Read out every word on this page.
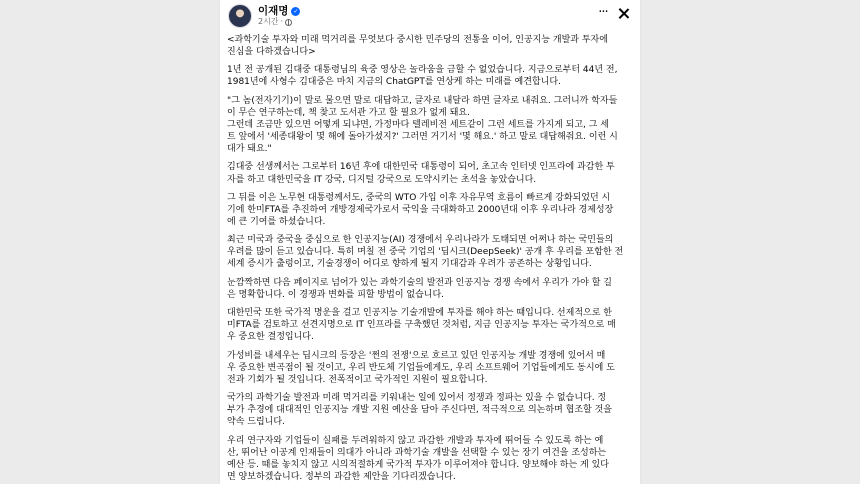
이재명 ✓
2시간 ·
···

<과학기술 투자와 미래 먹거리를 무엇보다 중시한 민주당의 전통을 이어, 인공지능 개발과 투자에
진심을 다하겠습니다>

1년 전 공개된 김대중 대통령님의 육중 영상은 놀라움을 금할 수 없었습니다. 지금으로부터 44년 전,
1981년에 사형수 김대중은 마치 지금의 ChatGPT를 연상케 하는 미래를 예견합니다.

"그 놈(전자기기)이 말로 물으면 말로 대답하고, 글자로 내달라 하면 글자로 내줘요. 그러니까 학자들
이 무슨 연구하는데, 책 찾고 도서관 가고 할 필요가 없게 돼요.
그런데 조금만 있으면 어떻게 되냐면, 가정마다 텔레비전 세트같이 그런 세트를 가지게 되고, 그 세
트 앞에서 '세종대왕이 몇 해에 돌아가셨지?' 그러면 거기서 '몇 해요.' 하고 말로 대답해줘요. 이런 시
대가 돼요."

김대중 선생께서는 그로부터 16년 후에 대한민국 대통령이 되어, 초고속 인터넷 인프라에 과감한 투
자를 하고 대한민국을 IT 강국, 디지털 강국으로 도약시키는 초석을 놓았습니다.

그 뒤를 이은 노무현 대통령께서도, 중국의 WTO 가입 이후 자유무역 흐름이 빠르게 강화되었던 시
기에 한미FTA를 추진하여 개방경제국가로서 국익을 극대화하고 2000년대 이후 우리나라 경제성장
에 큰 기여를 하셨습니다.

최근 미국과 중국을 중심으로 한 인공지능(AI) 경쟁에서 우리나라가 도태되면 어쩌나 하는 국민들의
우려를 많이 듣고 있습니다. 특히 며칠 전 중국 기업의 '딥시크(DeepSeek)' 공개 후 우리를 포함한 전
세계 증시가 출렁이고, 기술경쟁이 어디로 향하게 될지 기대감과 우려가 공존하는 상황입니다.

눈깜짝하면 다음 페이지로 넘어가 있는 과학기술의 발전과 인공지능 경쟁 속에서 우리가 가야 할 길
은 명확합니다. 이 경쟁과 변화를 피할 방법이 없습니다.

대한민국 또한 국가적 명운을 걸고 인공지능 기술개발에 투자를 해야 하는 때입니다. 선제적으로 한
미FTA를 검토하고 선견지명으로 IT 인프라를 구축했던 것처럼, 지금 인공지능 투자는 국가적으로 매
우 중요한 결정입니다.

가성비를 내세우는 딥시크의 등장은 '쩐의 전쟁'으로 흐르고 있던 인공지능 개발 경쟁에 있어서 매
우 중요한 변곡점이 될 것이고, 우리 반도체 기업들에게도, 우리 소프트웨어 기업들에게도 동시에 도
전과 기회가 될 것입니다. 전폭적이고 국가적인 지원이 필요합니다.

국가의 과학기술 발전과 미래 먹거리를 키워내는 일에 있어서 정쟁과 정파는 있을 수 없습니다. 정
부가 추경에 대대적인 인공지능 개발 지원 예산을 담아 주신다면, 적극적으로 의논하며 협조할 것을
약속 드립니다.

우리 연구자와 기업들이 실패를 두려워하지 않고 과감한 개발과 투자에 뛰어들 수 있도록 하는 예
산, 뛰어난 이공계 인재들이 의대가 아니라 과학기술 개발을 선택할 수 있는 장기 여건을 조성하는
예산 등. 때를 놓치지 않고 시의적절하게 국가적 투자가 이루어져야 합니다. 양보해야 하는 게 있다
면 양보하겠습니다. 정부의 과감한 제안을 기다리겠습니다.
